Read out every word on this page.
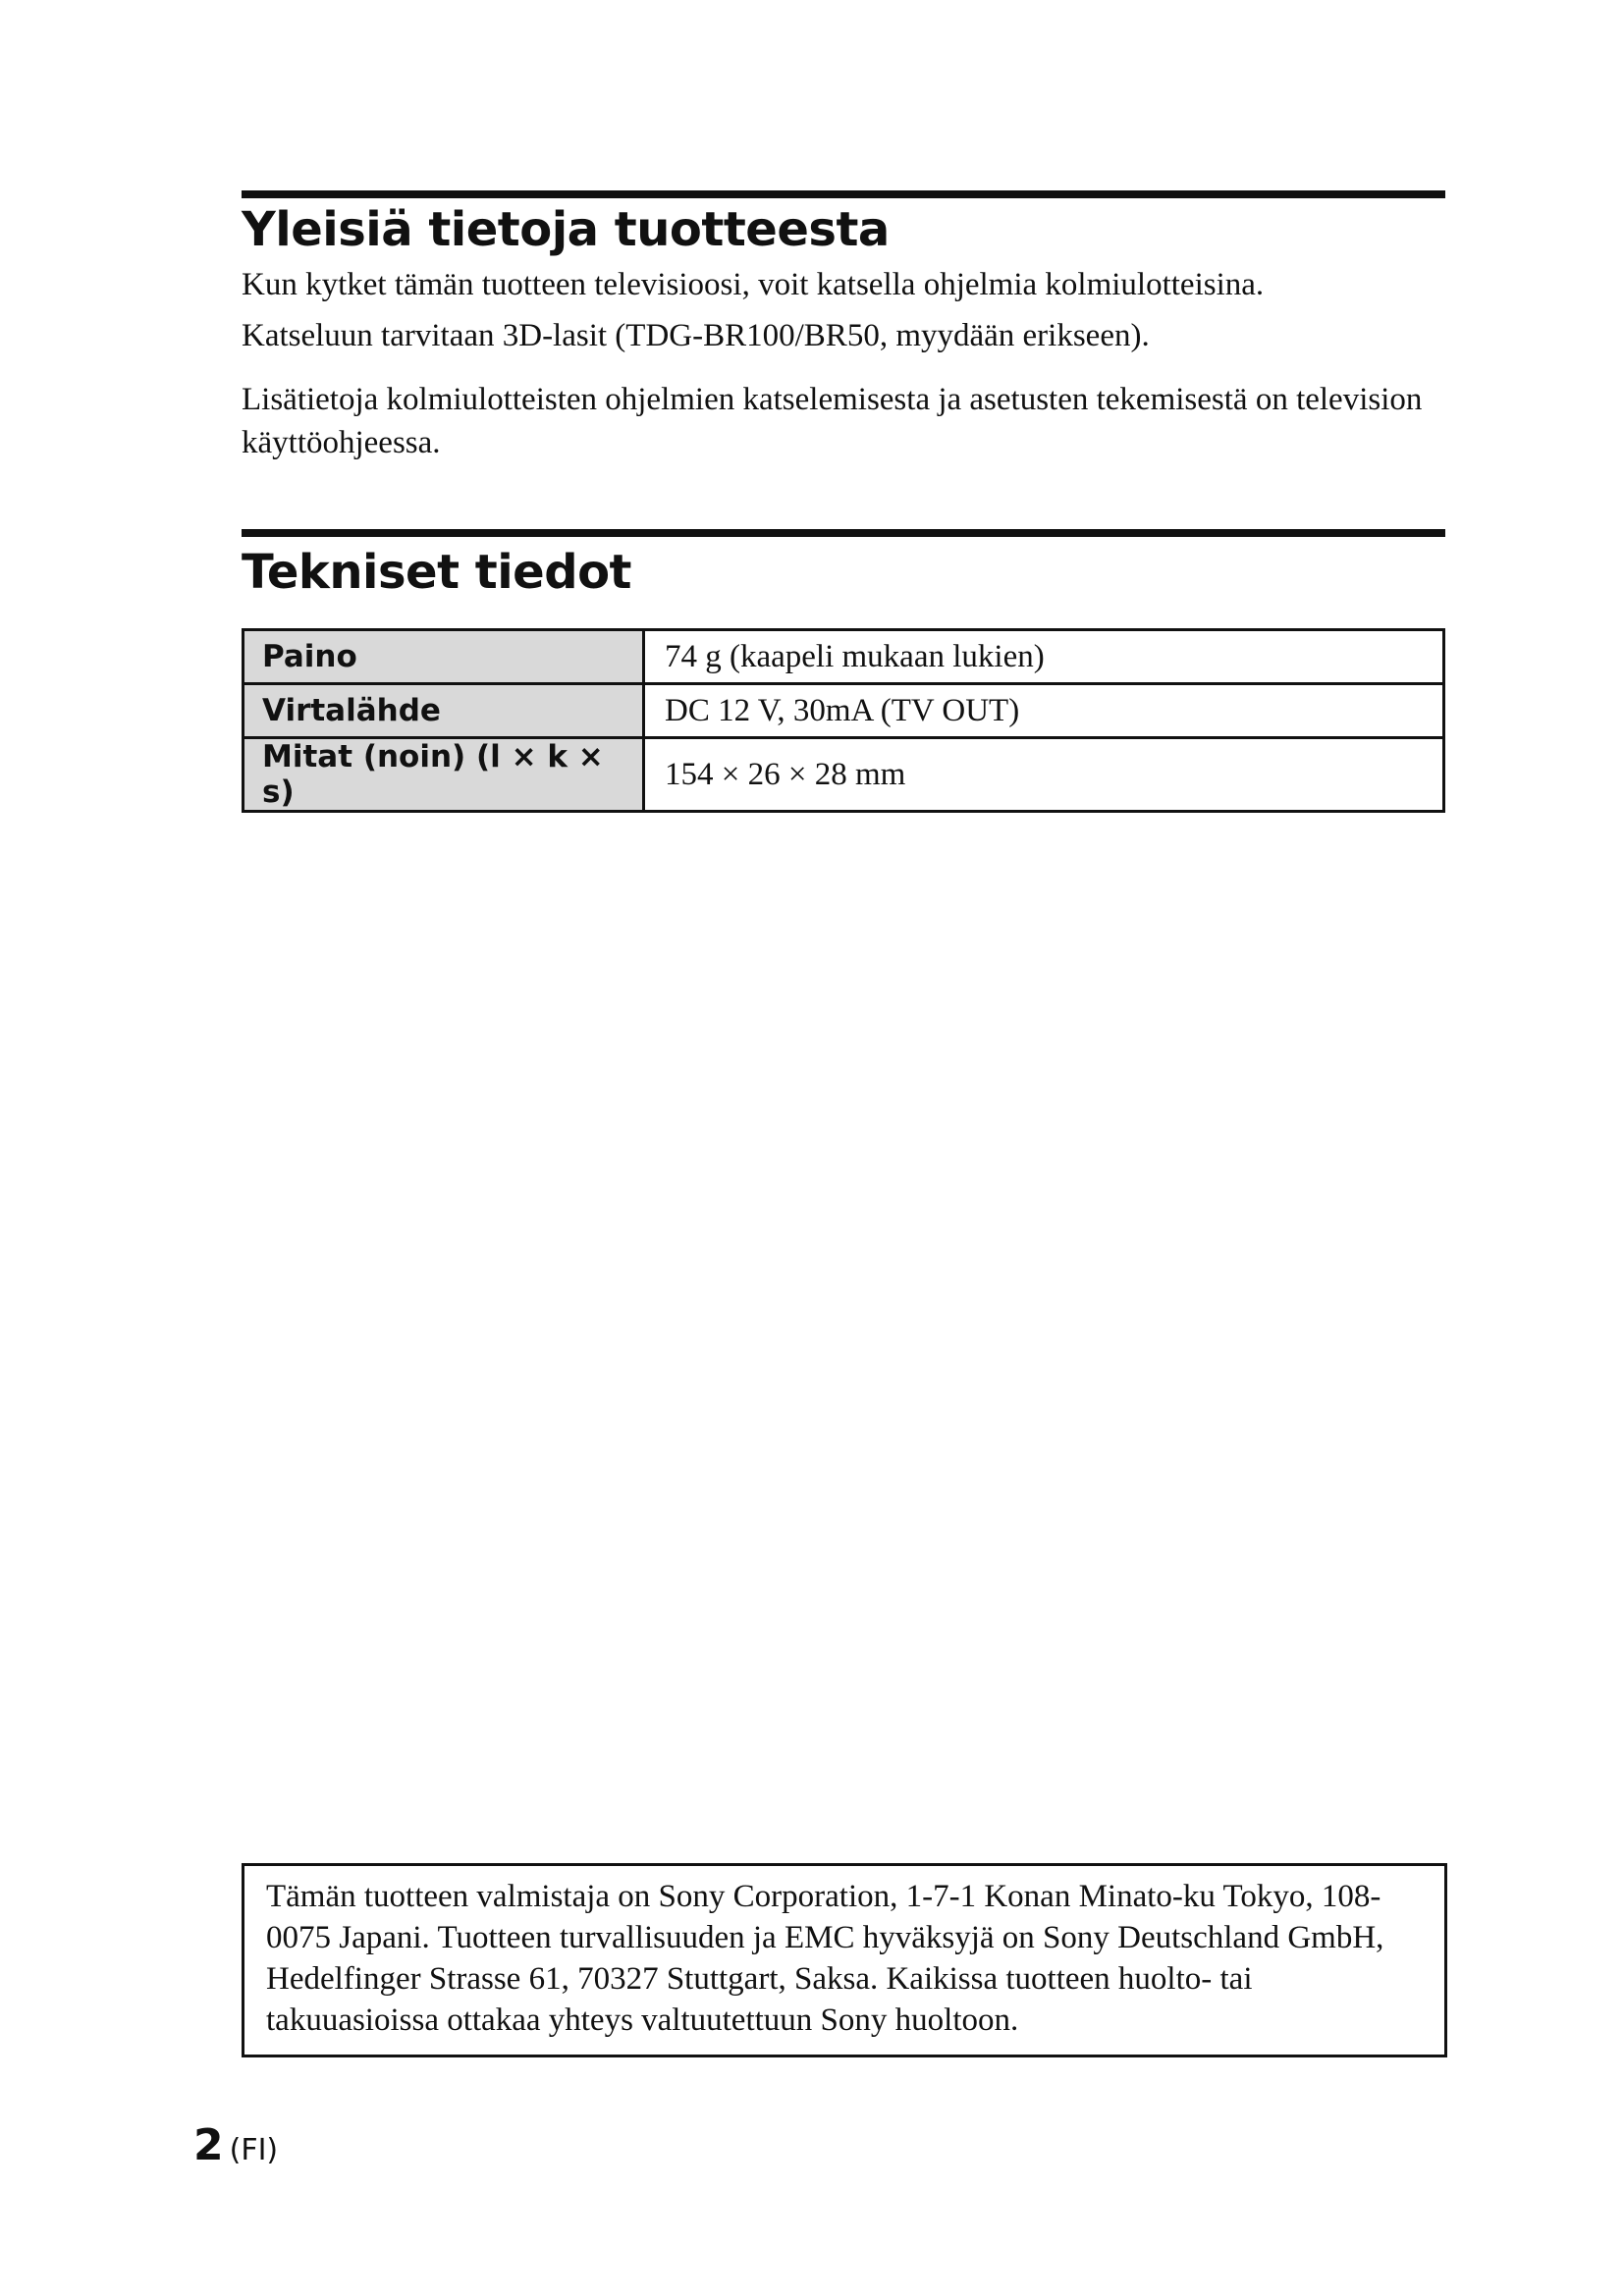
Yleisiä tietoja tuotteesta

Kun kytket tämän tuotteen televisioosi, voit katsella ohjelmia kolmiulotteisina.

Katseluun tarvitaan 3D-lasit (TDG-BR100/BR50, myydään erikseen).

Lisätietoja kolmiulotteisten ohjelmien katselemisesta ja asetusten tekemisestä on television käyttöohjeessa.

Tekniset tiedot
Paino	74 g (kaapeli mukaan lukien)
Virtalähde	DC 12 V, 30mA (TV OUT)
Mitat (noin) (l × k × s)	154 × 26 × 28 mm
Tämän tuotteen valmistaja on Sony Corporation, 1-7-1 Konan Minato-ku Tokyo, 108-0075 Japani. Tuotteen turvallisuuden ja EMC hyväksyjä on Sony Deutschland GmbH, Hedelfinger Strasse 61, 70327 Stuttgart, Saksa. Kaikissa tuotteen huolto- tai takuuasioissa ottakaa yhteys valtuutettuun Sony huoltoon.
2 (FI)
